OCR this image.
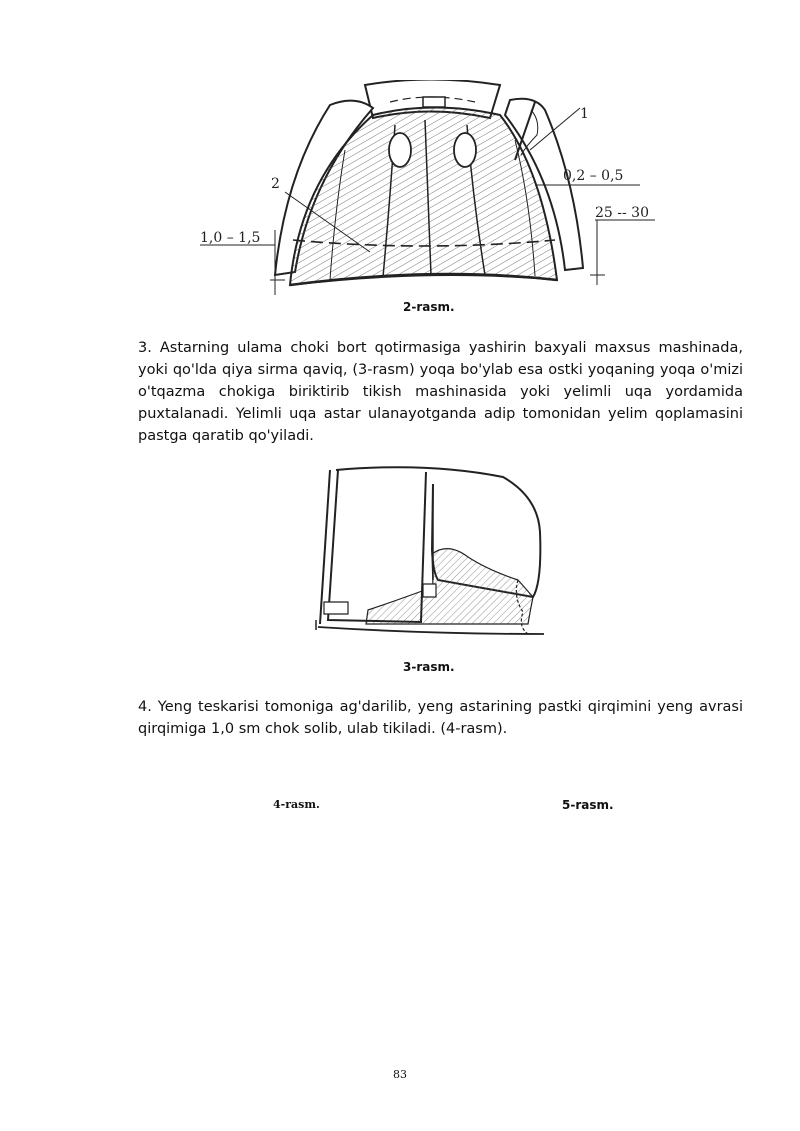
1
2	0,2 – 0,5
25 -- 30
1,0 – 1,5
2-rasm.

3. Astarning ulama choki bort qotirmasiga yashirin baxyali maxsus mashinada, yoki qo'lda qiya sirma qaviq, (3-rasm) yoqa bo'ylab esa ostki yoqaning yoqa o'mizi o'tqazma chokiga biriktirib tikish mashinasida yoki yelimli uqa yordamida puxtalanadi. Yelimli uqa astar ulanayotganda adip tomonidan yelim qoplamasini pastga qaratib qo'yiladi.

3-rasm.

4. Yeng teskarisi tomoniga ag'darilib, yeng astarining pastki qirqimini yeng avrasi qirqimiga 1,0 sm chok solib, ulab tikiladi. (4-rasm).

4-rasm.	5-rasm.
83
